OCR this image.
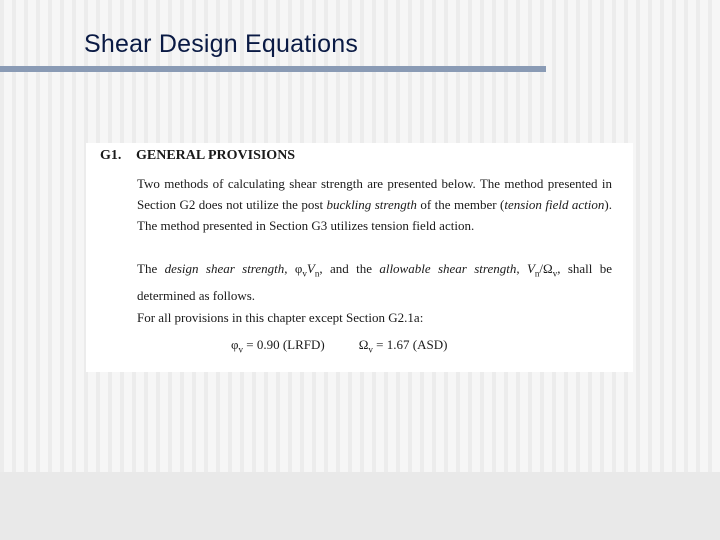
Shear Design Equations
G1. GENERAL PROVISIONS
Two methods of calculating shear strength are presented below. The method presented in Section G2 does not utilize the post buckling strength of the member (tension field action). The method presented in Section G3 utilizes tension field action.
The design shear strength, $\varphi_vV_n$, and the allowable shear strength, $V_n/\Omega_v$, shall be determined as follows.
For all provisions in this chapter except Section G2.1a:
$\varphi_v = 0.90$ (LRFD)	$\Omega_v = 1.67$ (ASD)
